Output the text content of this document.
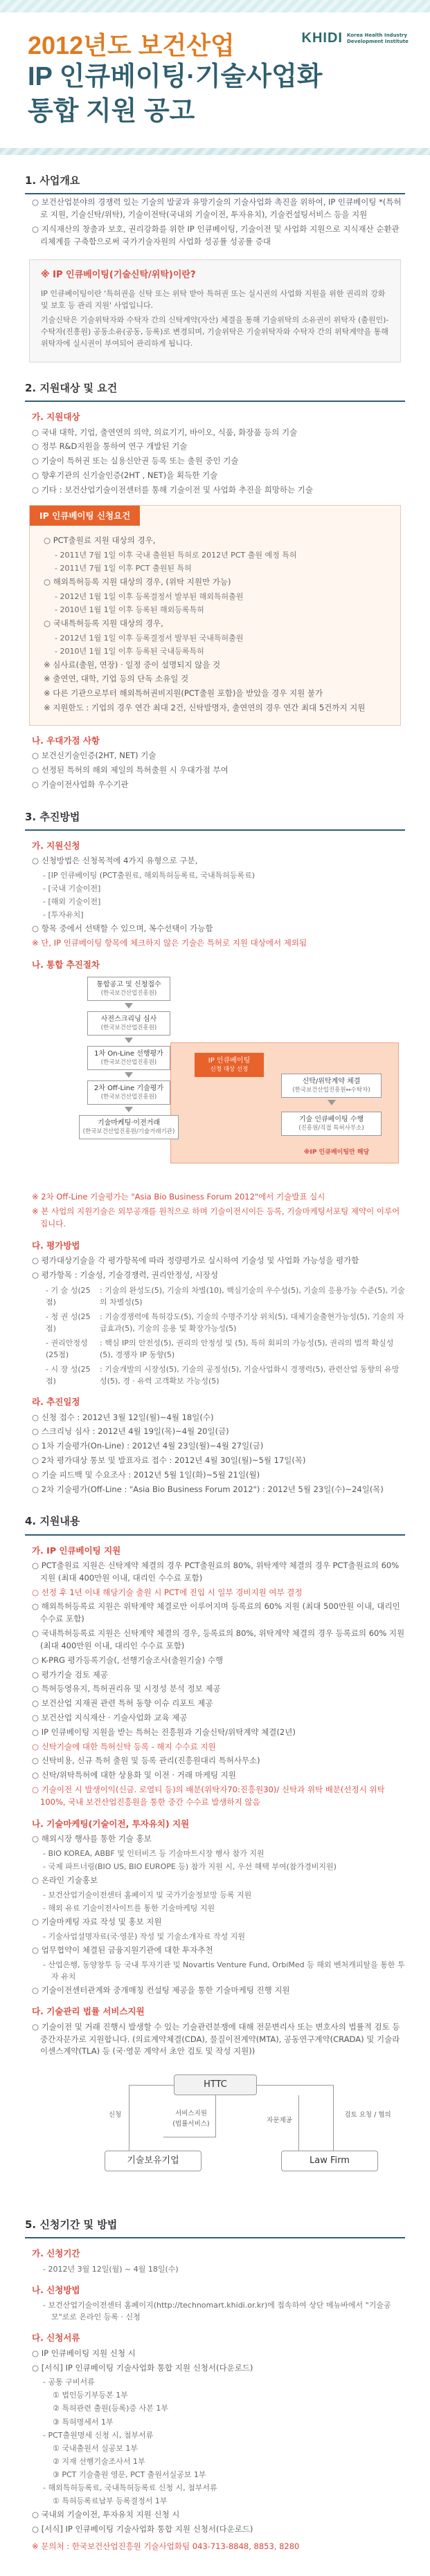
KHIDI Korea Health Industry Development Institute
2012년도 보건산업
IP 인큐베이팅·기술사업화
통합 지원 공고
1. 사업개요
○ 보건산업분야의 경쟁력 있는 기술의 발굴과 유망기술의 기술사업화 촉진을 위하여, IP 인큐베이팅 *(특허로 지원, 기술신탁/위탁), 기술이전탁(국내외 기술이전, 투자유치), 기술컨설팅서비스 등을 지원
○ 지식재산의 창출과 보호, 권리강화를 위한 IP 인큐베이팅, 기술이전 및 사업화 지원으로 지식재산 순환관리체계를 구축함으로써 국가기술자원의 사업화 성공률 성공률 증대
※ IP 인큐베이팅(기술신탁/위탁)이란?

IP 인큐베이팅이란 '특허권을 신탁 또는 위탁 받아 특허권 또는 실시권의 사업화 지원을 위한 권리의 강화 및 보호 등 관리 지원' 사업입니다.

기술신탁은 기술위탁자와 수탁자 간의 신탁계약(자산) 체결을 통해 기술위탁의 소유권이 위탁자 (출원인)-수탁자(진흥원) 공동소유(공동, 등록)로 변경되며, 기술위탁은 기술위탁자와 수탁자 간의 위탁계약을 통해 위탁자에 실시권이 부여되어 관리하게 됩니다.

2. 지원대상 및 요건
가. 지원대상
○ 국내 대학, 기업, 출연연의 의약, 의료기기, 바이오, 식품, 화장품 등의 기술
○ 정부 R&D지원을 통하여 연구 개발된 기술
○ 기술이 특허권 또는 실용신안권 등록 또는 출원 중인 기술
○ 향후기관의 신기술인증(2HT , NET)을 획득한 기술
○ 기타 : 보건산업기술이전센터를 통해 기술이전 및 사업화 추진을 희망하는 기술
IP 인큐베이팅 신청요건
○ PCT출원료 지원 대상의 경우,
- 2011년 7월 1일 이후 국내 출원된 특허로 2012년 PCT 출원 예정 특허
- 2011년 7월 1일 이후 PCT 출원된 특허
○ 해외특허등록 지원 대상의 경우, (위탁 지원만 가능)
- 2012년 1월 1일 이후 등록결정서 발부된 해외특허출원
- 2010년 1월 1일 이후 등록된 해외등록특허
○ 국내특허등록 지원 대상의 경우,
- 2012년 1월 1일 이후 등록결정서 발부된 국내특허출원
- 2010년 1월 1일 이후 등록된 국내등록특허
※ 심사료(출원, 연장) · 일정 중이 설명되지 않을 것
※ 출연연, 대학, 기업 등의 단독 소유일 것
※ 다른 기관으로부터 해외특허권비지원(PCT출원 포함)을 받았을 경우 지원 불가
※ 지원한도 : 기업의 경우 연간 최대 2건, 신탁발명자, 출연연의 경우 연간 최대 5건까지 지원
나. 우대가점 사항
○ 보건신기술인증(2HT, NET) 기술
○ 선정된 특허의 해외 제일의 특허출원 시 우대가점 부여
○ 기술이전사업화 우수기관
3. 추진방법
가. 지원신청
○ 신청방법은 신청목적에 4가지 유형으로 구분,
- [IP 인큐베이팅 (PCT출원료, 해외특허등록료, 국내특허등록료)
- [국내 기술이전]
- [해외 기술이전]
- [투자유치]
○ 항목 중에서 선택할 수 있으며, 복수선택이 가능함
※ 단, IP 인큐베이팅 항목에 체크하지 않은 기술은 특허로 지원 대상에서 제외됨
나. 통합 추진절차
통합공고 및 신청접수
(한국보건산업진흥원)
사전스크리닝 심사
(한국보건산업진흥원)
1차 On-Line 선행평가
(한국보건산업진흥원)
2차 Off-Line 기술평가
(한국보건산업진흥원)
기술마케팅·이전거래
(한국보건산업진흥원/기술거래기관)
IP 인큐베이팅
신청 대상 선정
신탁/위탁계약 체결
(한국보건산업진흥원↔수탁자)
기술 인큐베이팅 수행
(진흥원/직접 특허사무소)
※IP 인큐베이팅만 해당
※ 2차 Off-Line 기술평가는 "Asia Bio Business Forum 2012"에서 기술발표 실시
※ 본 사업의 지원기술은 외부공개를 원칙으로 하며 기술이전시이든 등록, 기술마케팅서포팅 제약이 이루어집니다.
다. 평가방법
○ 평가대상기술을 각 평가항목에 따라 정량평가로 실시하여 기술성 및 사업화 가능성을 평가함
○ 평가항목 : 기술성, 기술경쟁력, 권리안정성, 시장성
- 기 술 성(25점)
: 기술의 완성도(5), 기술의 차별(10), 핵심기술의 우수성(5), 기술의 응용가능 수준(5), 기술의 차별성(5)
- 청 권 성(25점)
: 기술경쟁력에 특허강도(5), 기술의 수명주기상 위치(5), 대체기술출현가능성(5), 기술의 자급효과(5), 기술의 응용 및 확장가능성(5)
- 권리안정성(25점)
: 핵심 IP의 안전성(5), 권리의 안정성 및 (5), 특허 회피의 가능성(5), 권리의 법적 확실성(5), 경쟁자 IP 동향(5)
- 시 장 성(25점)
: 기술개발의 시장성(5), 기술의 공정성(5), 기술사업화시 경쟁력(5), 관련산업 동향의 유망성(5), 경 · 유력 고객확보 가능성(5)
라. 추진일정
○ 신청 접수 : 2012년 3월 12일(월)~4월 18일(수)
○ 스크리닝 심사 : 2012년 4월 19일(목)~4월 20일(금)
○ 1차 기술평가(On-Line) : 2012년 4월 23일(월)~4월 27일(금)
○ 2차 평가대상 통보 및 발표자료 접수 : 2012년 4월 30일(월)~5월 17일(목)
○ 기술 피드백 및 수요조사 : 2012년 5월 1일(화)~5월 21일(월)
○ 2차 기술평가(Off-Line : "Asia Bio Business Forum 2012") : 2012년 5월 23일(수)~24일(목)
4. 지원내용
가. IP 인큐베이팅 지원
○ PCT출원료 지원은 신탁계약 체결의 경우 PCT출원료의 80%, 위탁계약 체결의 경우 PCT출원료의 60% 지원 (최대 400만원 이내, 대리인 수수료 포함)
○ 선정 후 1년 이내 해당기술 출원 시 PCT에 진입 시 일부 경비지원 여부 결정
○ 해외특허등록료 지원은 위탁계약 체결로만 이루어지며 등록료의 60% 지원 (최대 500만원 이내, 대리인 수수료 포함)
○ 국내특허등록료 지원은 신탁계약 체결의 경우, 등록료의 80%, 위탁계약 체결의 경우 등록료의 60% 지원 (최대 400만원 이내, 대리인 수수료 포함)
○ K-PRG 평가등록기술(, 선행기술조사(출원기술) 수행
○ 평가기술 검토 제공
○ 특허등영유지, 특허권리유 및 시정성 분석 정보 제공
○ 보건산업 지재권 관련 특허 동향 이슈 리포트 제공
○ 보건산업 지식재산 · 기술사업화 교육 제공
○ IP 인큐베이팅 지원을 받는 특허는 진흥원과 기술신탁/위탁계약 체결(2년)
○ 신탁기술에 대한 특허신탁 등록 - 해지 수수료 지원
○ 신탁비용, 신규 특허 출원 및 등록 관리(진흥원대리 특허사무소)
○ 신탁/위탁특허에 대한 상용화 및 이전 · 거래 마케팅 지원
○ 기술이전 시 발생이익(신금. 로열티 등)의 배분(위탁자70:진흥원30)/ 신탁과 위탁 배분(선정시 위탁100%, 국내 보건산업진흥원을 통한 중간 수수료 발생하지 않음
나. 기술마케팅(기술이전, 투자유치) 지원
○ 해외시장 행사를 통한 기술 홍보
- BIO KOREA, ABBF 및 인터비즈 등 기술마트시장 행사 참가 지원
- 국제 파트너링(BIO US, BIO EUROPE 등) 참가 지원 시, 우선 해택 부여(참가경비지원)
○ 온라인 기술홍보
- 보건산업기술이전센터 홈페이지 및 국가기술정보망 등록 지원
- 해외 유료 기술이전사이트를 통한 기술마케팅 지원
○ 기술마케팅 자료 작성 및 홍보 지원
- 기술사업설명자료(국·영문) 작성 및 기술소개자료 작성 지원
○ 업무협약이 체결된 금융지원기관에 대한 투자추천
- 산업은행, 동양창투 등 국내 투자기관 및 Novartis Venture Fund, OrbiMed 등 해외 벤처캐피탈을 통한 투자 유치
○ 기술이전센터관계와 중개매칭 컨설팅 제공을 통한 기술마케팅 진행 지원
다. 기술관리 법률 서비스지원
○ 기술이전 및 거래 진행시 발생할 수 있는 기술관련분쟁에 대해 전문변리사 또는 변호사의 법률적 검토 등 중간자문가로 지원합니다. (의료계약체결(CDA), 물질이전계약(MTA), 공동연구계약(CRADA) 및 기술라이센스계약(TLA) 등 (국·영문 계약서 초안 검토 및 작성 지원))
HTTC
기술보유기업	Law Firm
신청	서비스지원
(법률서비스)
검토 요청 / 협의
자문제공
5. 신청기간 및 방법
가. 신청기간
- 2012년 3월 12일(월) ~ 4월 18일(수)
나. 신청방법
- 보건산업기술이전센터 홈페이지(http://technomart.khidi.or.kr)에 접속하여 상단 메뉴바에서 "기술공모"로로 온라인 등록 · 신청
다. 신청서류
○ IP 인큐베이팅 지원 신청 시
○ [서식] IP 인큐베이팅 기술사업화 통합 지원 신청서(다운로드)
- 공통 구비서류
① 법인등기부등본 1부
② 특허관련 출원(등록)증 사본 1부
③ 특허명세서 1부
- PCT출원명세 신청 시, 첨부서류
① 국내출원서 실공보 1부
② 지재 선행기술조사서 1부
③ PCT 기술출원 영문, PCT 출원서실공보 1부
- 해외특허등록료, 국내특허등록료 신청 시, 첨부서류
① 특허등록료납부 등록결정서 1부
○ 국내외 기술이전, 투자유치 지원 신청 시
○ [서식] IP 인큐베이팅 기술사업화 통합 지원 신청서(다운로드)
※ 문의처 : 한국보건산업진흥원 기술사업화팀 043-713-8848, 8853, 8280
